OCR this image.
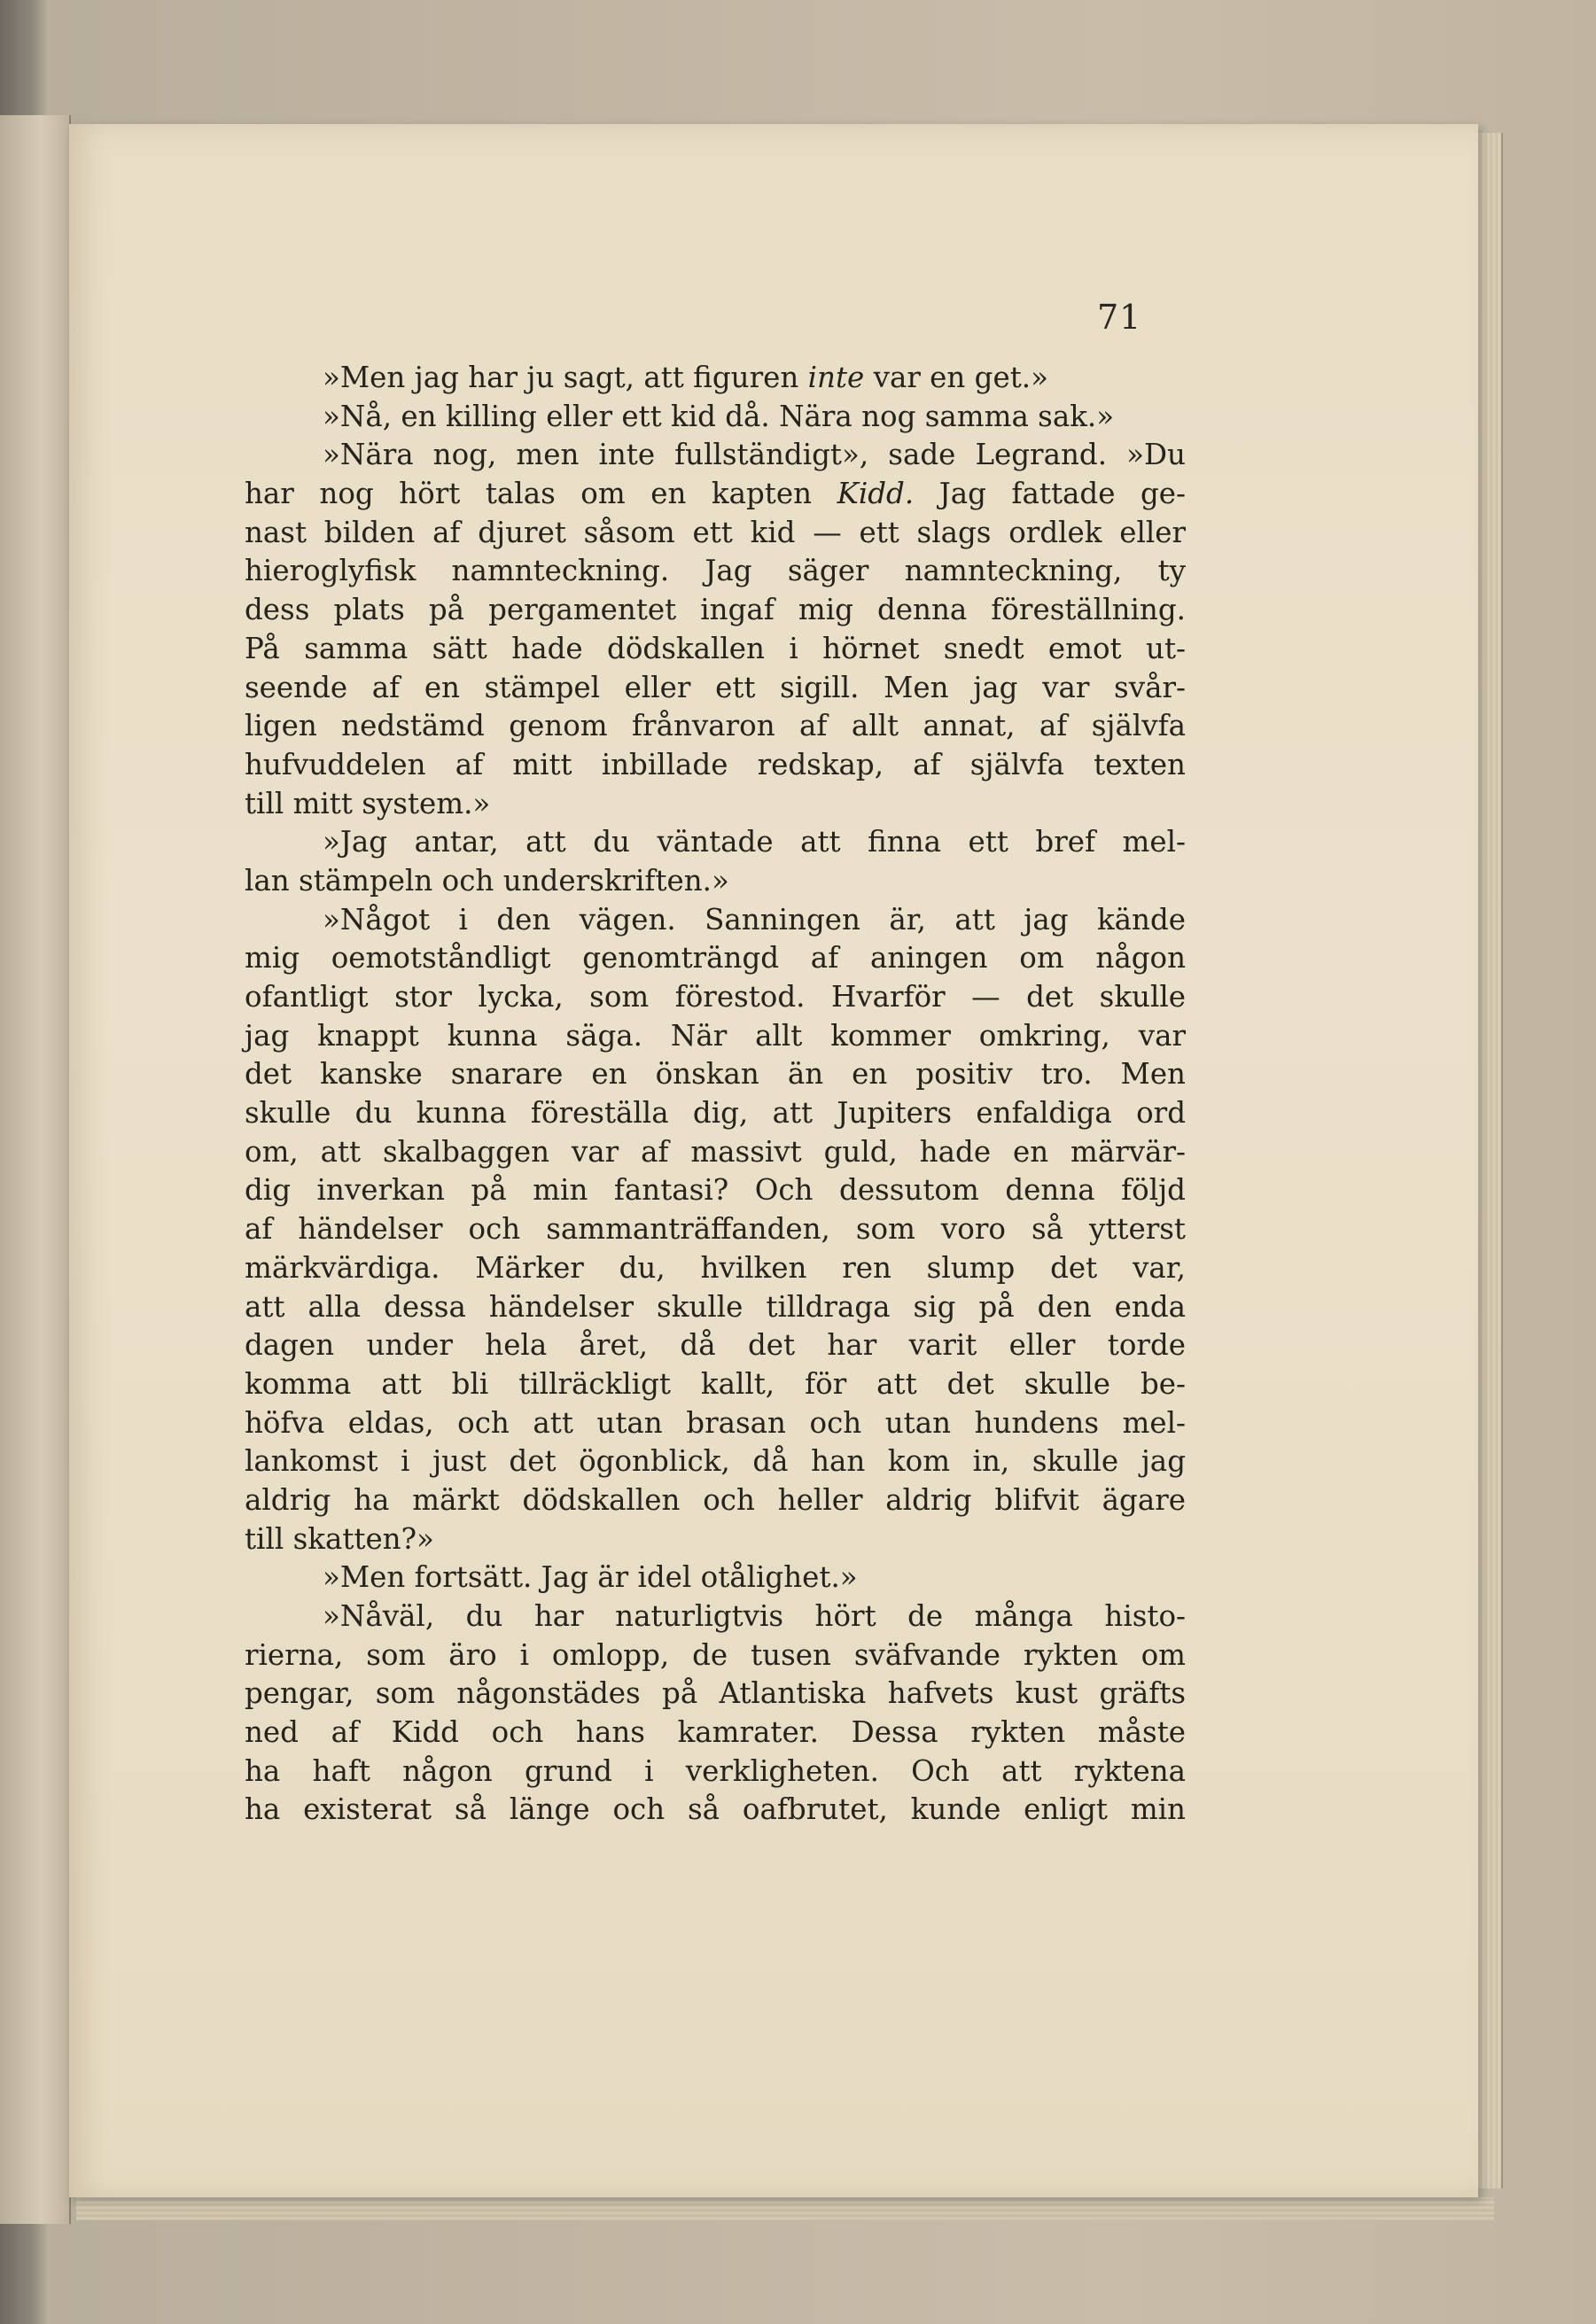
71
»Men jag har ju sagt, att figuren inte var en get.»
»Nå, en killing eller ett kid då. Nära nog samma sak.»
»Nära nog, men inte fullständigt», sade Legrand. »Du
har nog hört talas om en kapten Kidd. Jag fattade ge-
nast bilden af djuret såsom ett kid — ett slags ordlek eller
hieroglyfisk namnteckning. Jag säger namnteckning, ty
dess plats på pergamentet ingaf mig denna föreställning.
På samma sätt hade dödskallen i hörnet snedt emot ut-
seende af en stämpel eller ett sigill. Men jag var svår-
ligen nedstämd genom frånvaron af allt annat, af självfa
hufvuddelen af mitt inbillade redskap, af självfa texten
till mitt system.»
»Jag antar, att du väntade att finna ett bref mel-
lan stämpeln och underskriften.»
»Något i den vägen. Sanningen är, att jag kände
mig oemotståndligt genomträngd af aningen om någon
ofantligt stor lycka, som förestod. Hvarför — det skulle
jag knappt kunna säga. När allt kommer omkring, var
det kanske snarare en önskan än en positiv tro. Men
skulle du kunna föreställa dig, att Jupiters enfaldiga ord
om, att skalbaggen var af massivt guld, hade en märvär-
dig inverkan på min fantasi? Och dessutom denna följd
af händelser och sammanträffanden, som voro så ytterst
märkvärdiga. Märker du, hvilken ren slump det var,
att alla dessa händelser skulle tilldraga sig på den enda
dagen under hela året, då det har varit eller torde
komma att bli tillräckligt kallt, för att det skulle be-
höfva eldas, och att utan brasan och utan hundens mel-
lankomst i just det ögonblick, då han kom in, skulle jag
aldrig ha märkt dödskallen och heller aldrig blifvit ägare
till skatten?»
»Men fortsätt. Jag är idel otålighet.»
»Nåväl, du har naturligtvis hört de många histo-
rierna, som äro i omlopp, de tusen sväfvande rykten om
pengar, som någonstädes på Atlantiska hafvets kust gräfts
ned af Kidd och hans kamrater. Dessa rykten måste
ha haft någon grund i verkligheten. Och att ryktena
ha existerat så länge och så oafbrutet, kunde enligt min
